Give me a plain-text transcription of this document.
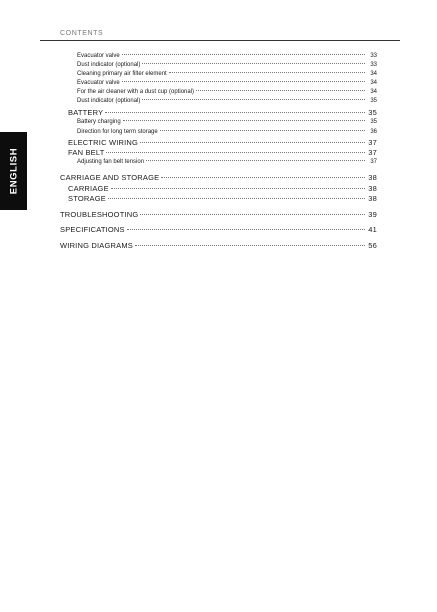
CONTENTS
ENGLISH
Evacuator valve	33
Dust indicator (optional)	33
Cleaning primary air filter element	34
Evacuator valve	34
For the air cleaner with a dust cup (optional)	34
Dust indicator (optional)	35
BATTERY	35
Battery charging	35
Direction for long term storage	36
ELECTRIC WIRING	37
FAN BELT	37
Adjusting fan belt tension	37
CARRIAGE AND STORAGE	38
CARRIAGE	38
STORAGE	38
TROUBLESHOOTING	39
SPECIFICATIONS	41
WIRING DIAGRAMS	56
